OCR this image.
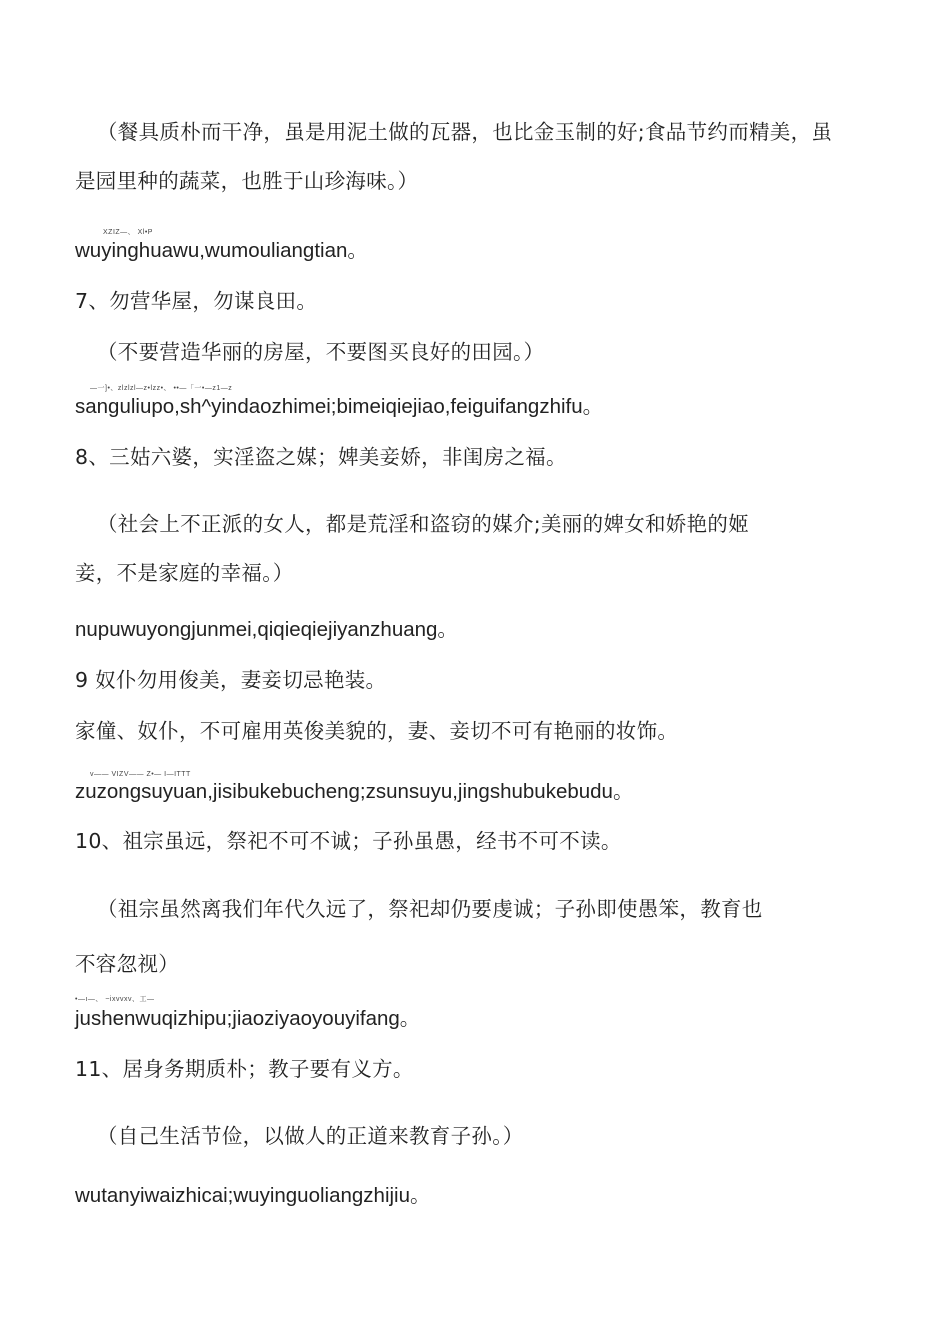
（餐具质朴而干净，虽是用泥土做的瓦器，也比金玉制的好;食品节约而精美，虽

是园里种的蔬菜，也胜于山珍海味。）

XZIZ—、 Xl•P

wuyinghuawu,wumouliangtian。

7、勿营华屋，勿谋良田。

（不要营造华丽的房屋，不要图买良好的田园。）

—一]•、zlzlzl—z•lzz•、 ••—「一•—z1—z

sanguliupo,sh^yindaozhimei;bimeiqiejiao,feiguifangzhifu。

8、三姑六婆，实淫盗之媒；婢美妾娇，非闺房之福。

（社会上不正派的女人，都是荒淫和盗窃的媒介;美丽的婢女和娇艳的姬

妾，不是家庭的幸福。）

nupuwuyongjunmei,qiqieqiejiyanzhuang。

9 奴仆勿用俊美，妻妾切忌艳装。

家僮、奴仆，不可雇用英俊美貌的，妻、妾切不可有艳丽的妆饰。

v—— VIZV—— Z•— I—ITTT

zuzongsuyuan,jisibukebucheng;zsunsuyu,jingshubukebudu。

10、祖宗虽远，祭祀不可不诚；子孙虽愚，经书不可不读。

（祖宗虽然离我们年代久远了，祭祀却仍要虔诚；子孙即使愚笨，教育也

不容忽视）

•—ı—、 ~ixvvxv、工—

jushenwuqizhipu;jiaoziyaoyouyifang。

11、居身务期质朴；教子要有义方。

（自己生活节俭，以做人的正道来教育子孙。）

wutanyiwaizhicai;wuyinguoliangzhijiu。
